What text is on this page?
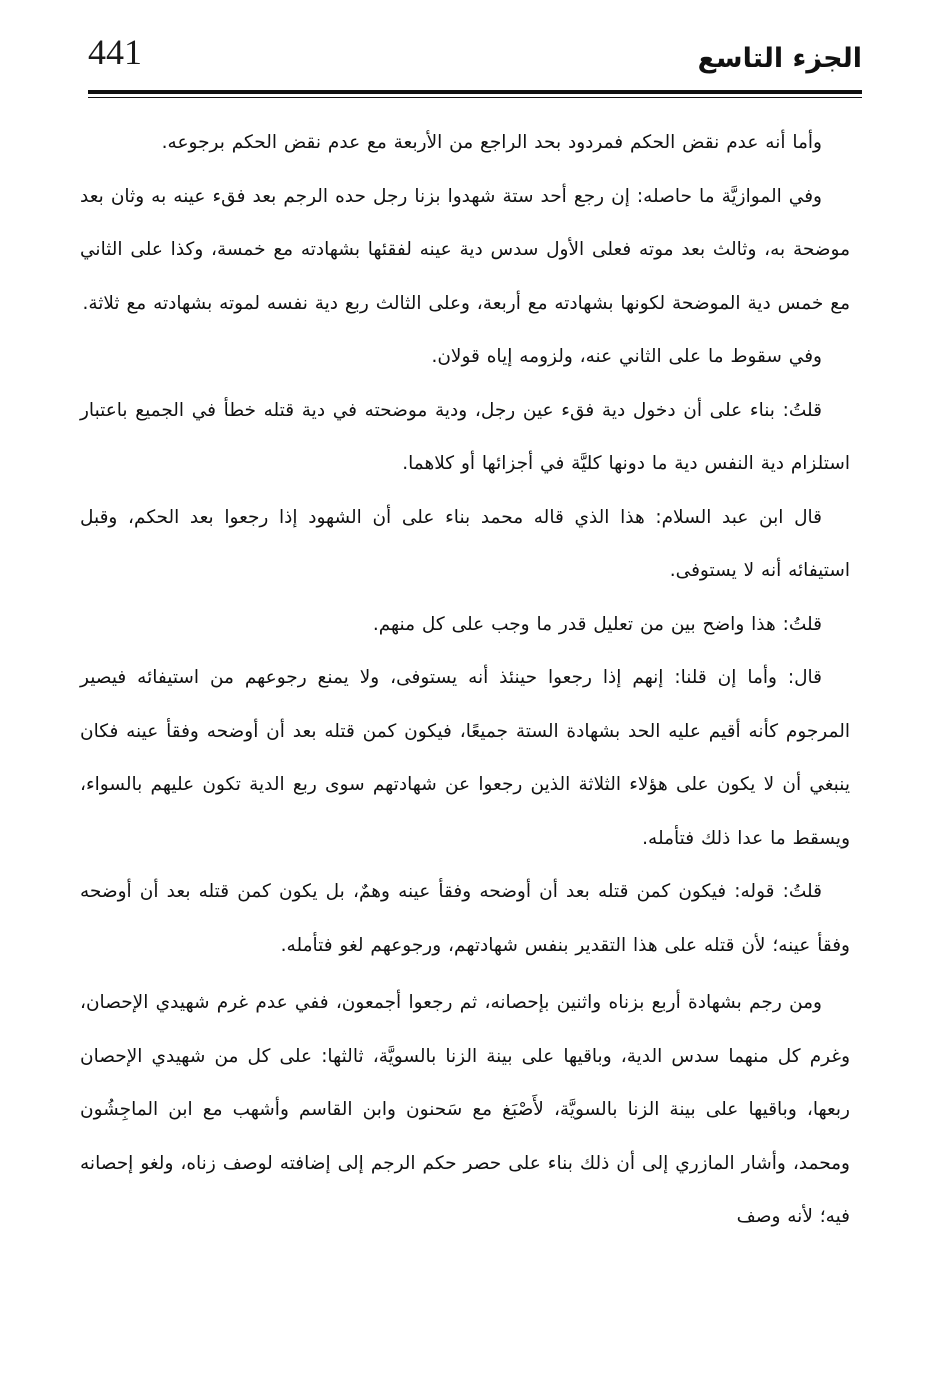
441	الجزء التاسع

وأما أنه عدم نقض الحكم فمردود بحد الراجع من الأربعة مع عدم نقض الحكم برجوعه.

وفي الموازيَّة ما حاصله: إن رجع أحد ستة شهدوا بزنا رجل حده الرجم بعد فقء عينه به وثان بعد موضحة به، وثالث بعد موته فعلى الأول سدس دية عينه لفقئها بشهادته مع خمسة، وكذا على الثاني مع خمس دية الموضحة لكونها بشهادته مع أربعة، وعلى الثالث ربع دية نفسه لموته بشهادته مع ثلاثة.

وفي سقوط ما على الثاني عنه، ولزومه إياه قولان.

قلتُ: بناء على أن دخول دية فقء عين رجل، ودية موضحته في دية قتله خطأ في الجميع باعتبار استلزام دية النفس دية ما دونها كليَّة في أجزائها أو كلاهما.

قال ابن عبد السلام: هذا الذي قاله محمد بناء على أن الشهود إذا رجعوا بعد الحكم، وقبل استيفائه أنه لا يستوفى.

قلتُ: هذا واضح بين من تعليل قدر ما وجب على كل منهم.

قال: وأما إن قلنا: إنهم إذا رجعوا حينئذ أنه يستوفى، ولا يمنع رجوعهم من استيفائه فيصير المرجوم كأنه أقيم عليه الحد بشهادة الستة جميعًا، فيكون كمن قتله بعد أن أوضحه وفقأ عينه فكان ينبغي أن لا يكون على هؤلاء الثلاثة الذين رجعوا عن شهادتهم سوى ربع الدية تكون عليهم بالسواء، ويسقط ما عدا ذلك فتأمله.

قلتُ: قوله: فيكون كمن قتله بعد أن أوضحه وفقأ عينه وهمٌ، بل يكون كمن قتله بعد أن أوضحه وفقأ عينه؛ لأن قتله على هذا التقدير بنفس شهادتهم، ورجوعهم لغو فتأمله.

ومن رجم بشهادة أربع بزناه واثنين بإحصانه، ثم رجعوا أجمعون، ففي عدم غرم شهيدي الإحصان، وغرم كل منهما سدس الدية، وباقيها على بينة الزنا بالسويَّة، ثالثها: على كل من شهيدي الإحصان ربعها، وباقيها على بينة الزنا بالسويَّة، لأَصْبَغ مع سَحنون وابن القاسم وأشهب مع ابن الماجِشُون ومحمد، وأشار المازري إلى أن ذلك بناء على حصر حكم الرجم إلى إضافته لوصف زناه، ولغو إحصانه فيه؛ لأنه وصف
